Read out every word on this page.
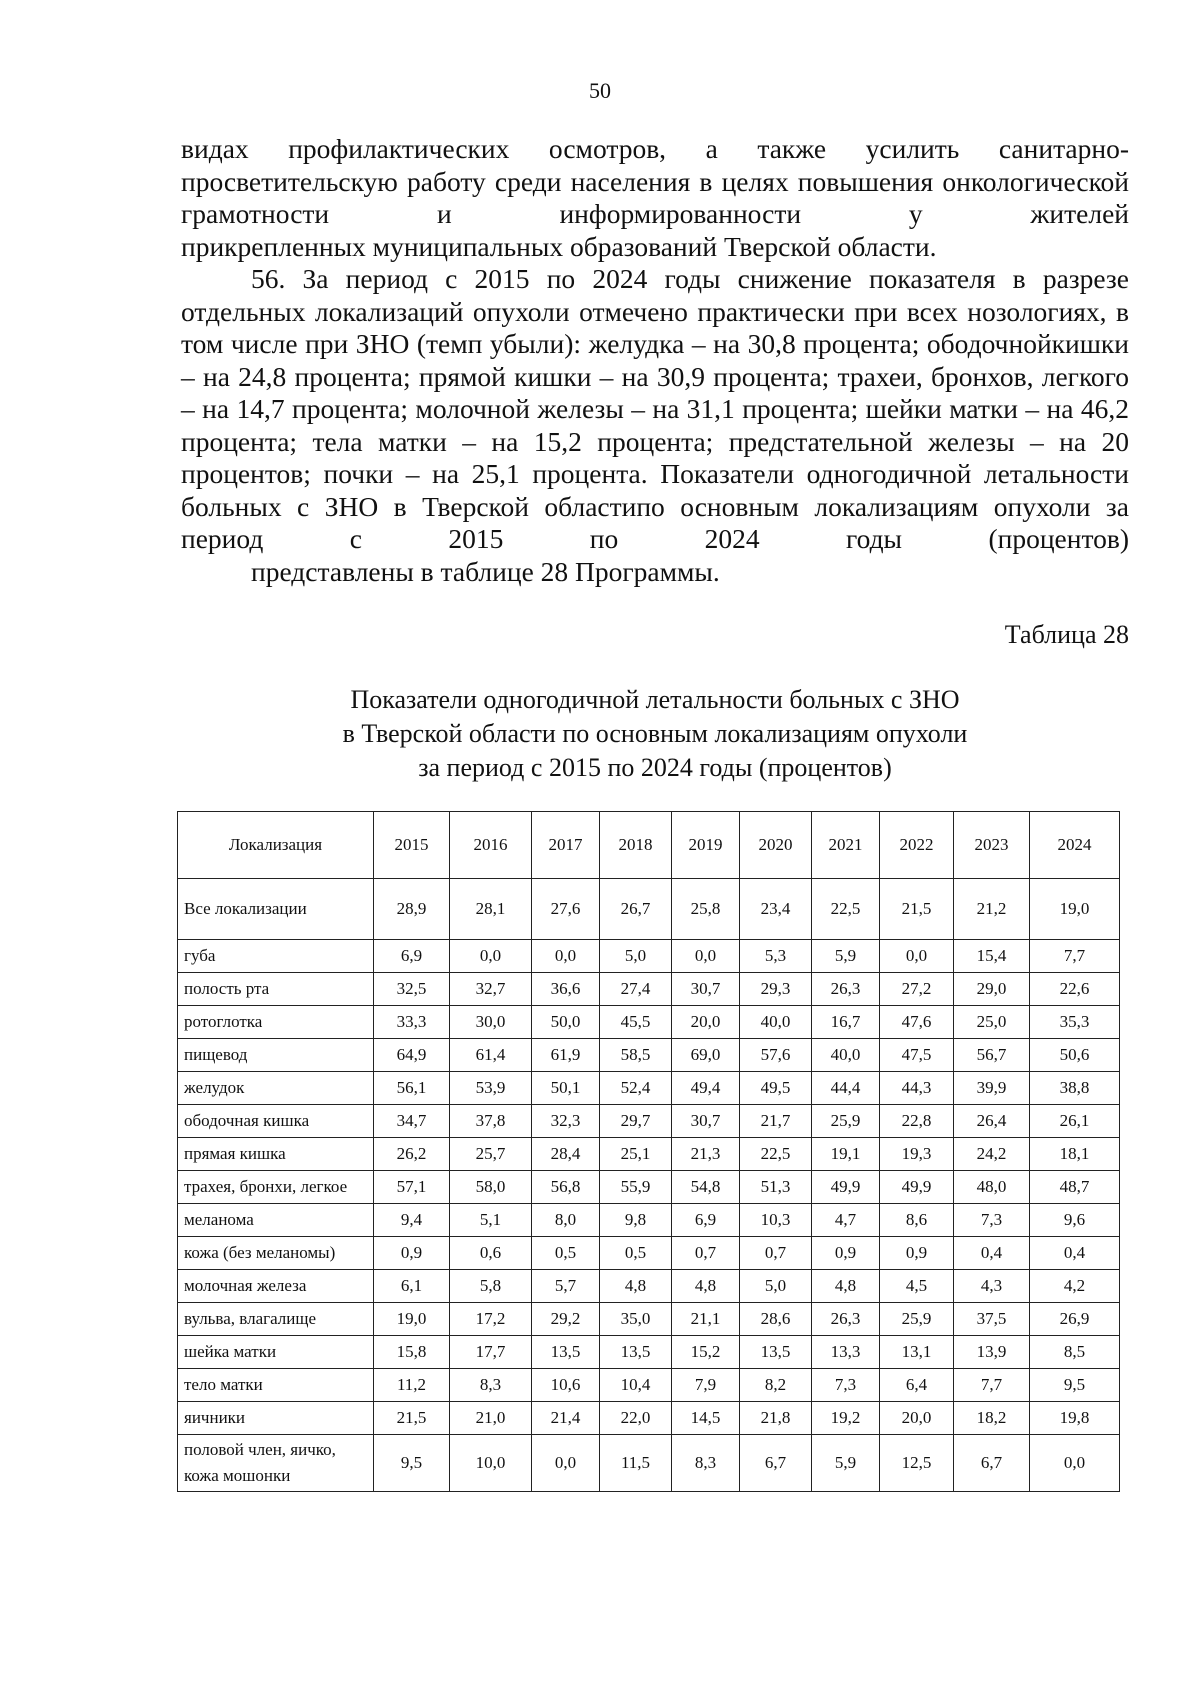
50

видах профилактических осмотров, а также усилить санитарно-просветительскую работу среди населения в целях повышения онкологической грамотности и информированности у жителей
прикрепленных муниципальных образований Тверской области.

56. За период с 2015 по 2024 годы снижение показателя в разрезе отдельных локализаций опухоли отмечено практически при всех нозологиях, в том числе при ЗНО (темп убыли): желудка – на 30,8 процента; ободочнойкишки – на 24,8 процента; прямой кишки – на 30,9 процента; трахеи, бронхов, легкого – на 14,7 процента; молочной железы – на 31,1 процента; шейки матки – на 46,2 процента; тела матки – на 15,2 процента; предстательной железы – на 20 процентов; почки – на 25,1 процента. Показатели одногодичной летальности больных с ЗНО в Тверской областипо основным локализациям опухоли за период с 2015 по 2024 годы (процентов)
представлены в таблице 28 Программы.

Таблица 28
Показатели одногодичной летальности больных с ЗНО
в Тверской области по основным локализациям опухоли
за период с 2015 по 2024 годы (процентов)
Локализация	2015	2016	2017	2018	2019	2020	2021	2022	2023	2024
Все локализации	28,9	28,1	27,6	26,7	25,8	23,4	22,5	21,5	21,2	19,0
губа	6,9	0,0	0,0	5,0	0,0	5,3	5,9	0,0	15,4	7,7
полость рта	32,5	32,7	36,6	27,4	30,7	29,3	26,3	27,2	29,0	22,6
ротоглотка	33,3	30,0	50,0	45,5	20,0	40,0	16,7	47,6	25,0	35,3
пищевод	64,9	61,4	61,9	58,5	69,0	57,6	40,0	47,5	56,7	50,6
желудок	56,1	53,9	50,1	52,4	49,4	49,5	44,4	44,3	39,9	38,8
ободочная кишка	34,7	37,8	32,3	29,7	30,7	21,7	25,9	22,8	26,4	26,1
прямая кишка	26,2	25,7	28,4	25,1	21,3	22,5	19,1	19,3	24,2	18,1
трахея, бронхи, легкое	57,1	58,0	56,8	55,9	54,8	51,3	49,9	49,9	48,0	48,7
меланома	9,4	5,1	8,0	9,8	6,9	10,3	4,7	8,6	7,3	9,6
кожа (без меланомы)	0,9	0,6	0,5	0,5	0,7	0,7	0,9	0,9	0,4	0,4
молочная железа	6,1	5,8	5,7	4,8	4,8	5,0	4,8	4,5	4,3	4,2
вульва, влагалище	19,0	17,2	29,2	35,0	21,1	28,6	26,3	25,9	37,5	26,9
шейка матки	15,8	17,7	13,5	13,5	15,2	13,5	13,3	13,1	13,9	8,5
тело матки	11,2	8,3	10,6	10,4	7,9	8,2	7,3	6,4	7,7	9,5
яичники	21,5	21,0	21,4	22,0	14,5	21,8	19,2	20,0	18,2	19,8
половой член, яичко, кожа мошонки	9,5	10,0	0,0	11,5	8,3	6,7	5,9	12,5	6,7	0,0
